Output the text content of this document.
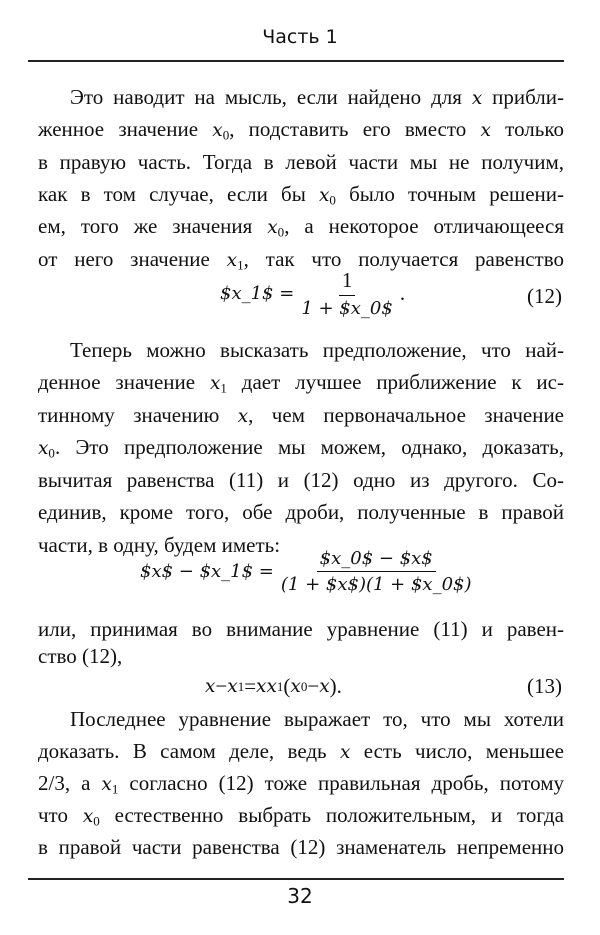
Часть 1
Это наводит на мысль, если найдено для x прибли-
женное значение $x_0$, подставить его вместо x только
в правую часть. Тогда в левой части мы не получим,
как в том случае, если бы $x_0$ было точным решени-
ем, того же значения $x_0$, а некоторое отличающееся
от него значение $x_1$, так что получается равенство
Теперь можно высказать предположение, что най-
денное значение $x_1$ дает лучшее приближение к ис-
тинному значению x, чем первоначальное значение
$x_0$. Это предположение мы можем, однако, доказать,
вычитая равенства (11) и (12) одно из другого. Со-
единив, кроме того, обе дроби, полученные в правой
части, в одну, будем иметь:
или, принимая во внимание уравнение (11) и равен-
ство (12),
Последнее уравнение выражает то, что мы хотели
доказать. В самом деле, ведь x есть число, меньшее
2/3, а $x_1$ согласно (12) тоже правильная дробь, потому
что $x_0$ естественно выбрать положительным, и тогда
в правой части равенства (12) знаменатель непременно
$x_1$ = $\frac{1}{1 + \$x\_0\$}$ .	(12)
$x$ − $x_1$ = $\frac{\$x\_0\$ - \$x\$}{(1 + \$x\$)(1 + \$x\_0\$)}$
x − x 1 = x x 1 ( x 0 − x ).	(13)
32
